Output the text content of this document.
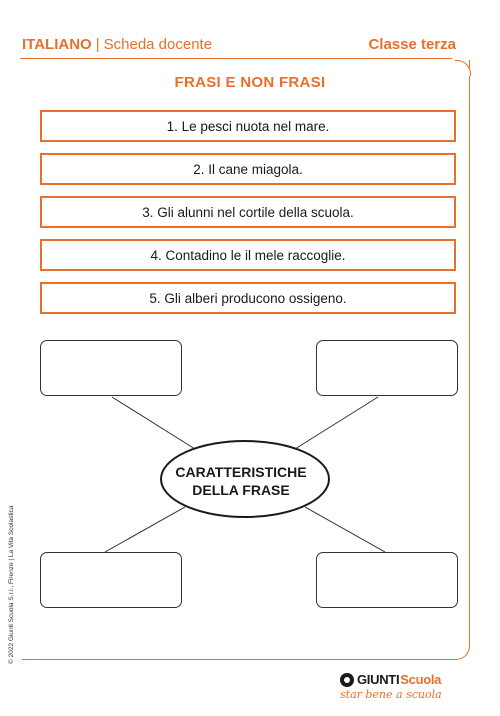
ITALIANO | Scheda docente	Classe terza
FRASI E NON FRASI
1. Le pesci nuota nel mare.
2. Il cane miagola.
3. Gli alunni nel cortile della scuola.
4. Contadino le il mele raccoglie.
5. Gli alberi producono ossigeno.
CARATTERISTICHE
DELLA FRASE
© 2022 Giunti Scuola S.r.l., Firenze | La Vita Scolastica
GIUNTI Scuola
star bene a scuola
